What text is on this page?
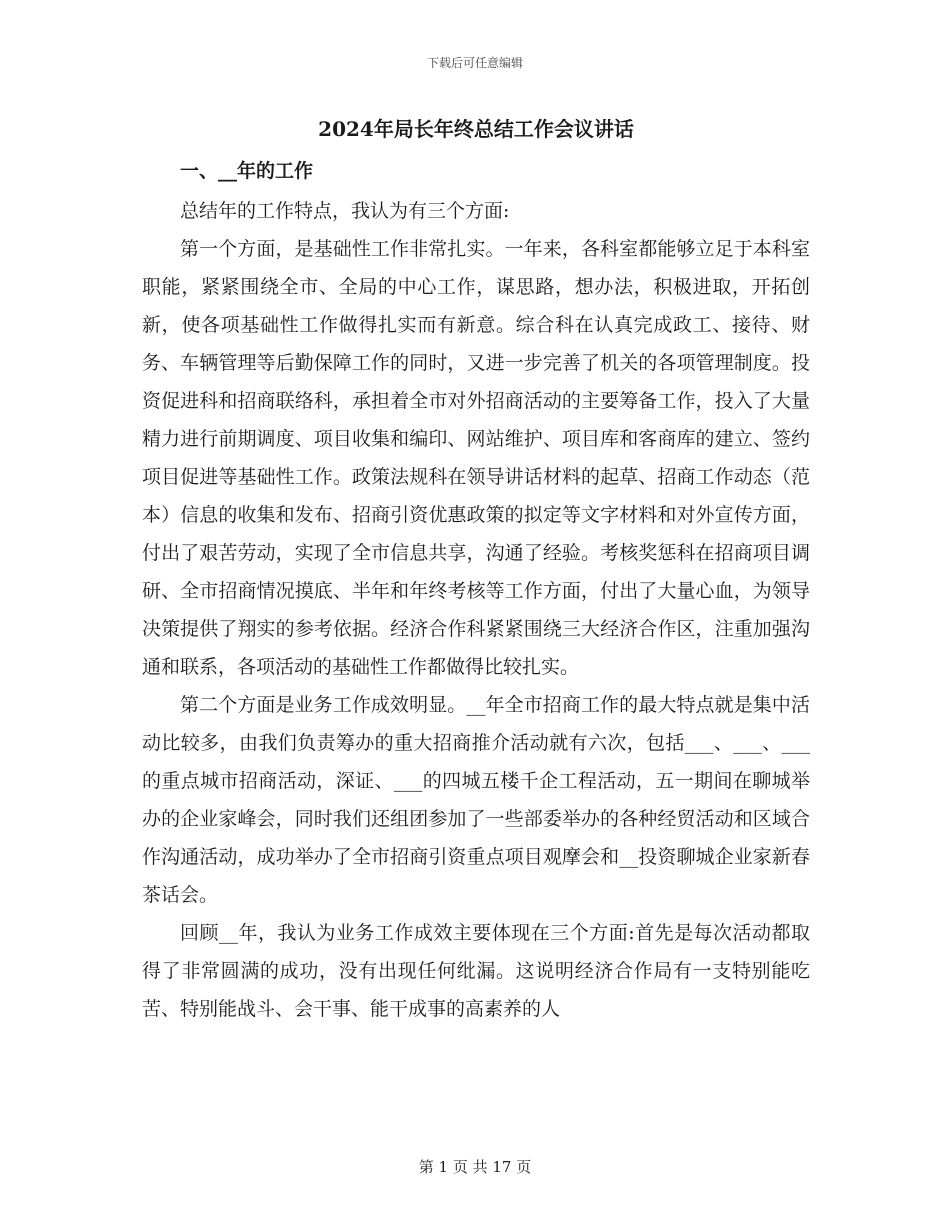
下载后可任意编辑
2024年局长年终总结工作会议讲话
一、__年的工作

总结年的工作特点，我认为有三个方面:

第一个方面，是基础性工作非常扎实。一年来，各科室都能够立足于本科室职能，紧紧围绕全市、全局的中心工作，谋思路，想办法，积极进取，开拓创新，使各项基础性工作做得扎实而有新意。综合科在认真完成政工、接待、财务、车辆管理等后勤保障工作的同时，又进一步完善了机关的各项管理制度。投资促进科和招商联络科，承担着全市对外招商活动的主要筹备工作，投入了大量精力进行前期调度、项目收集和编印、网站维护、项目库和客商库的建立、签约项目促进等基础性工作。政策法规科在领导讲话材料的起草、招商工作动态（范本）信息的收集和发布、招商引资优惠政策的拟定等文字材料和对外宣传方面，付出了艰苦劳动，实现了全市信息共享，沟通了经验。考核奖惩科在招商项目调研、全市招商情况摸底、半年和年终考核等工作方面，付出了大量心血，为领导决策提供了翔实的参考依据。经济合作科紧紧围绕三大经济合作区，注重加强沟通和联系，各项活动的基础性工作都做得比较扎实。

第二个方面是业务工作成效明显。__年全市招商工作的最大特点就是集中活动比较多，由我们负责筹办的重大招商推介活动就有六次，包括___、___、___的重点城市招商活动，深证、___的四城五楼千企工程活动，五一期间在聊城举办的企业家峰会，同时我们还组团参加了一些部委举办的各种经贸活动和区域合作沟通活动，成功举办了全市招商引资重点项目观摩会和__投资聊城企业家新春茶话会。

回顾__年，我认为业务工作成效主要体现在三个方面:首先是每次活动都取得了非常圆满的成功，没有出现任何纰漏。这说明经济合作局有一支特别能吃苦、特别能战斗、会干事、能干成事的高素养的人

第 1 页 共 17 页
